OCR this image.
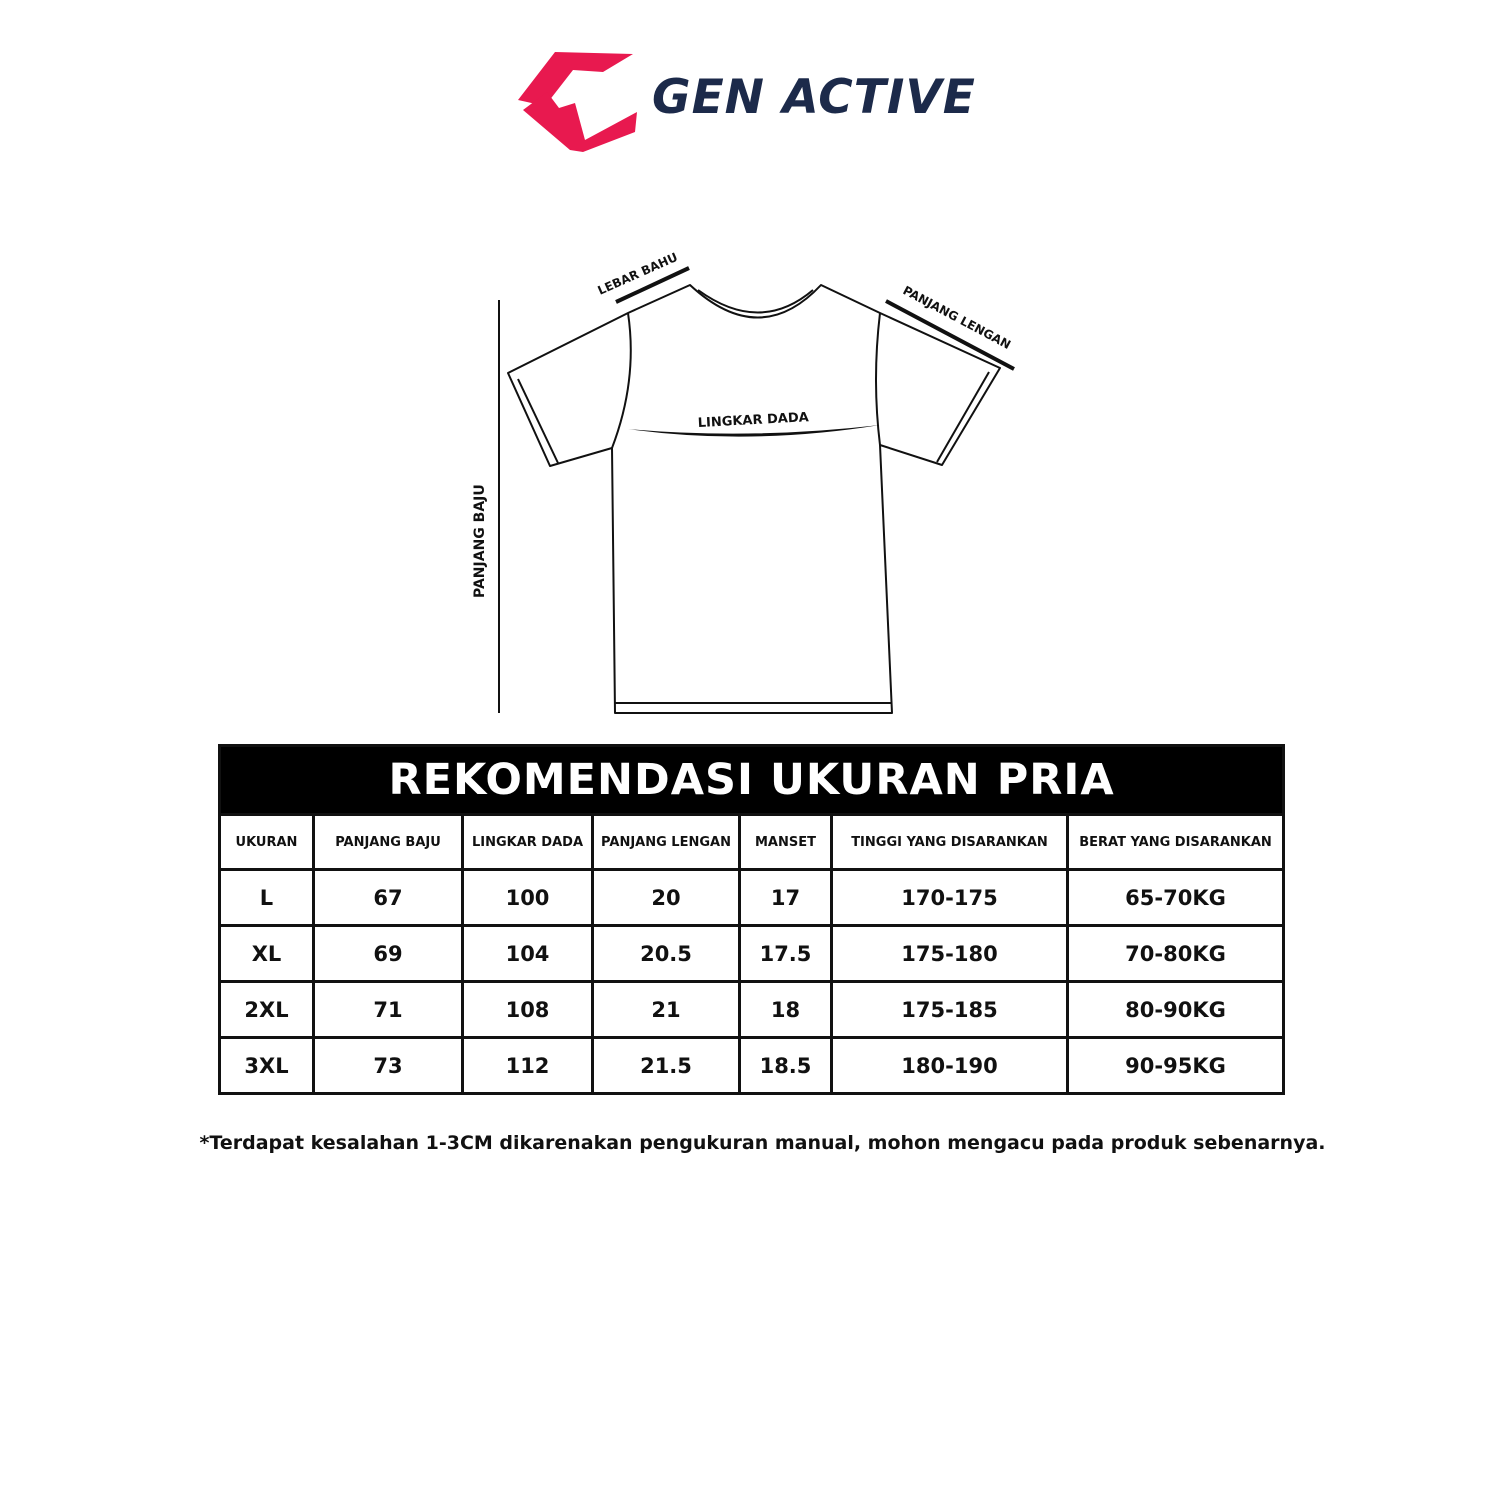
GEN ACTIVE
LEBAR BAHU
PANJANG LENGAN
LINGKAR DADA
PANJANG BAJU
REKOMENDASI UKURAN PRIA						
UKURAN	PANJANG BAJU	LINGKAR DADA	PANJANG LENGAN	MANSET	TINGGI YANG DISARANKAN	BERAT YANG DISARANKAN
L	67	100	20	17	170-175	65-70KG
XL	69	104	20.5	17.5	175-180	70-80KG
2XL	71	108	21	18	175-185	80-90KG
3XL	73	112	21.5	18.5	180-190	90-95KG
*Terdapat kesalahan 1-3CM dikarenakan pengukuran manual, mohon mengacu pada produk sebenarnya.
